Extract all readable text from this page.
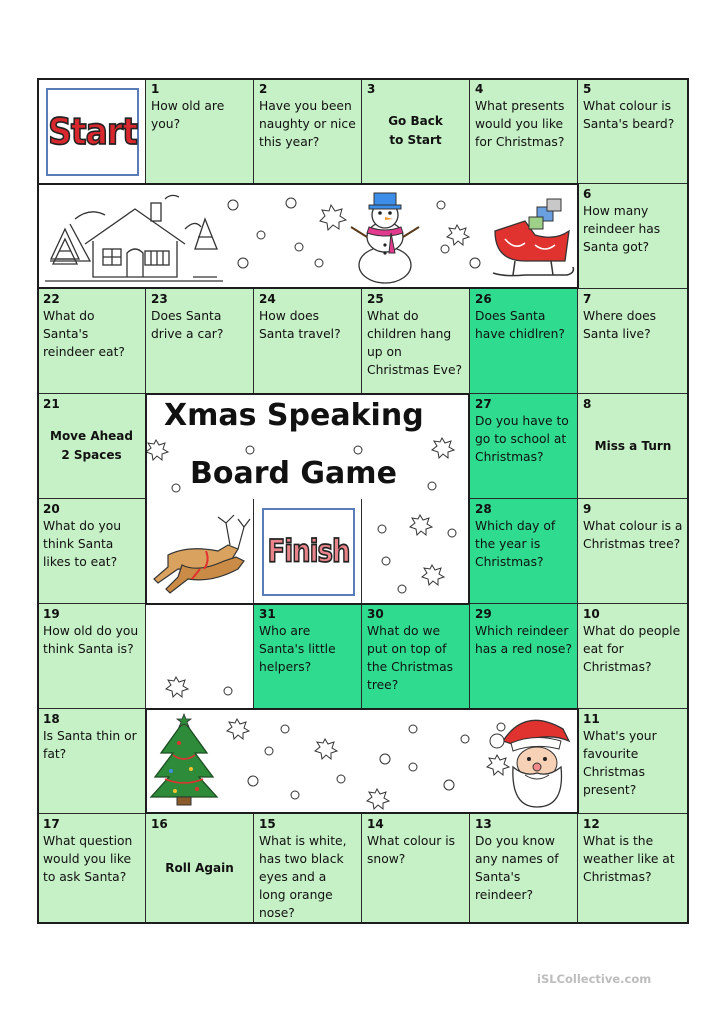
Start
1
How old are you?
2
Have you been naughty or nice this year?
3
Go Back to Start
4
What presents would you like for Christmas?
5
What colour is Santa's beard?
6
How many reindeer has Santa got?
22
What do Santa's reindeer eat?
23
Does Santa drive a car?
24
How does Santa travel?
25
What do children hang up on Christmas Eve?
26
Does Santa have chidlren?
7
Where does Santa live?
21
Move Ahead 2 Spaces
27
Do you have to go to school at Christmas?
8
Miss a Turn
20
What do you think Santa likes to eat?	Finish
28
Which day of the year is Christmas?
9
What colour is a Christmas tree?
19
How old do you think Santa is?
31
Who are Santa's little helpers?
30
What do we put on top of the Christmas tree?
29
Which reindeer has a red nose?
10
What do people eat for Christmas?
18
Is Santa thin or fat?
11
What's your favourite Christmas present?
17
What question would you like to ask Santa?
16
Roll Again
15
What is white, has two black eyes and a long orange nose?
14
What colour is snow?
13
Do you know any names of Santa's reindeer?
12
What is the weather like at Christmas?
Xmas Speaking
Board Game
iSLCollective.com
